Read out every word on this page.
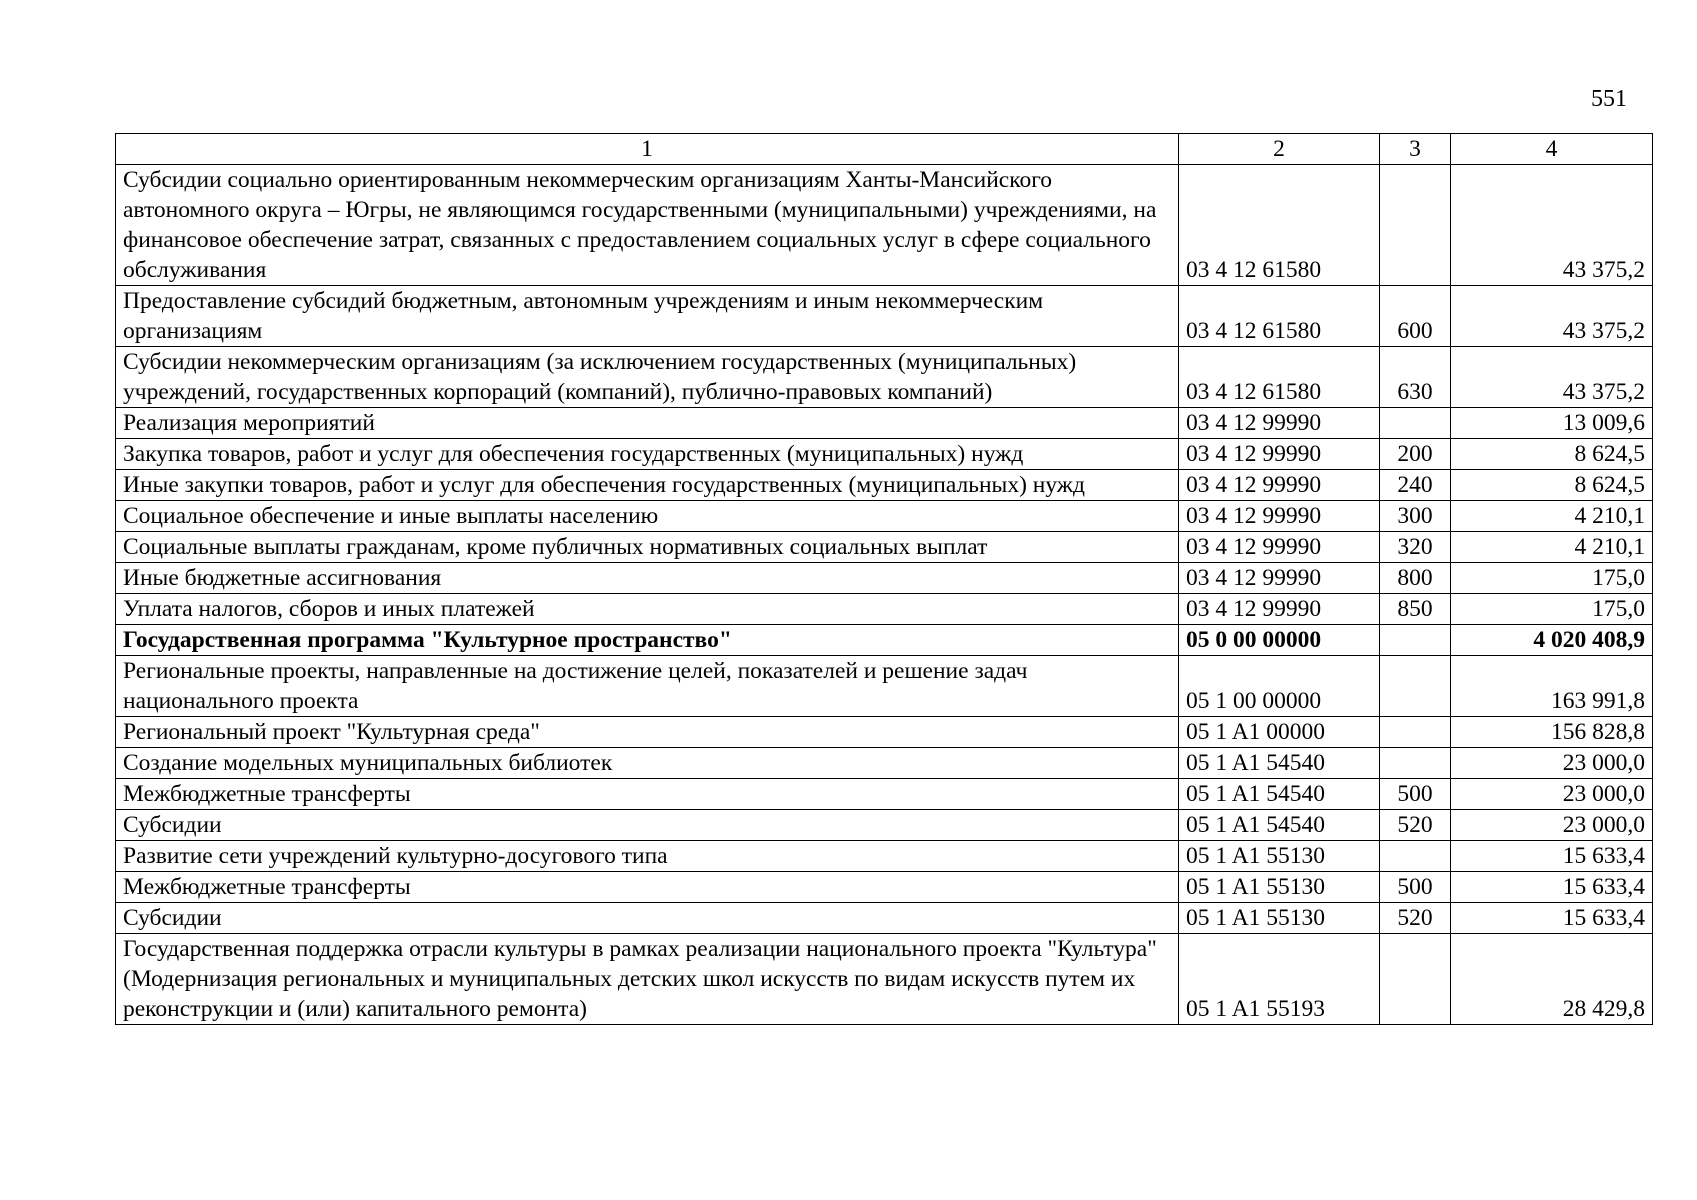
551
1	2	3	4
Субсидии социально ориентированным некоммерческим организациям Ханты-Мансийского автономного округа – Югры, не являющимся государственными (муниципальными) учреждениями, на финансовое обеспечение затрат, связанных с предоставлением социальных услуг в сфере социального обслуживания	03 4 12 61580		43 375,2
Предоставление субсидий бюджетным, автономным учреждениям и иным некоммерческим организациям	03 4 12 61580	600	43 375,2
Субсидии некоммерческим организациям (за исключением государственных (муниципальных) учреждений, государственных корпораций (компаний), публично-правовых компаний)	03 4 12 61580	630	43 375,2
Реализация мероприятий	03 4 12 99990		13 009,6
Закупка товаров, работ и услуг для обеспечения государственных (муниципальных) нужд	03 4 12 99990	200	8 624,5
Иные закупки товаров, работ и услуг для обеспечения государственных (муниципальных) нужд	03 4 12 99990	240	8 624,5
Социальное обеспечение и иные выплаты населению	03 4 12 99990	300	4 210,1
Социальные выплаты гражданам, кроме публичных нормативных социальных выплат	03 4 12 99990	320	4 210,1
Иные бюджетные ассигнования	03 4 12 99990	800	175,0
Уплата налогов, сборов и иных платежей	03 4 12 99990	850	175,0
Государственная программа "Культурное пространство"	05 0 00 00000		4 020 408,9
Региональные проекты, направленные на достижение целей, показателей и решение задач национального проекта	05 1 00 00000		163 991,8
Региональный проект "Культурная среда"	05 1 A1 00000		156 828,8
Создание модельных муниципальных библиотек	05 1 A1 54540		23 000,0
Межбюджетные трансферты	05 1 A1 54540	500	23 000,0
Субсидии	05 1 A1 54540	520	23 000,0
Развитие сети учреждений культурно-досугового типа	05 1 A1 55130		15 633,4
Межбюджетные трансферты	05 1 A1 55130	500	15 633,4
Субсидии	05 1 A1 55130	520	15 633,4
Государственная поддержка отрасли культуры в рамках реализации национального проекта "Культура" (Модернизация региональных и муниципальных детских школ искусств по видам искусств путем их реконструкции и (или) капитального ремонта)	05 1 A1 55193		28 429,8
